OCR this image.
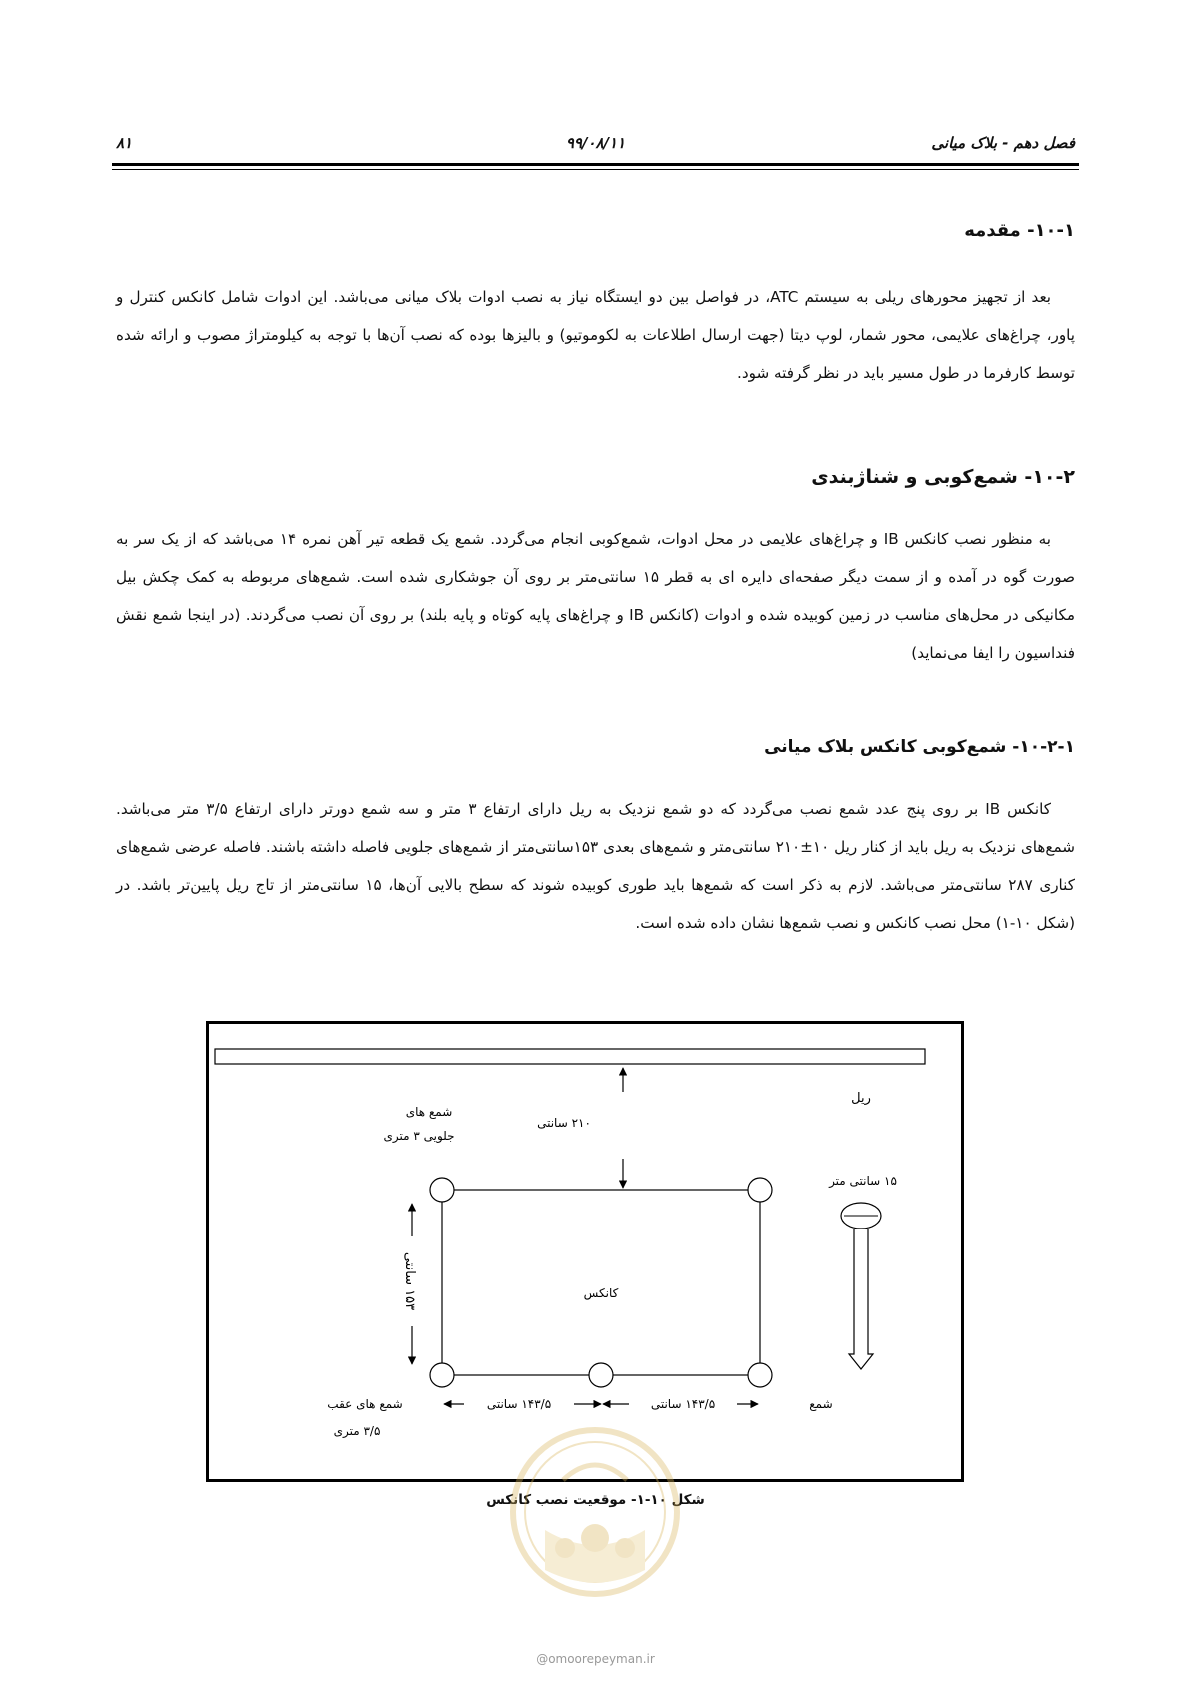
فصل دهم - بلاک میانی
۹۹/۰۸/۱۱
۸۱
۱۰-۱- مقدمه

بعد از تجهیز محورهای ریلی به سیستم ATC، در فواصل بین دو ایستگاه نیاز به نصب ادوات بلاک میانی می‌باشد. این ادوات شامل کانکس کنترل و پاور، چراغ‌های علایمی، محور شمار، لوپ دیتا (جهت ارسال اطلاعات به لکوموتیو) و بالیزها بوده که نصب آن‌ها با توجه به کیلومتراژ مصوب و ارائه شده توسط کارفرما در طول مسیر باید در نظر گرفته شود.

۱۰-۲- شمع‌کوبی و شناژبندی

به منظور نصب کانکس IB و چراغ‌های علایمی در محل ادوات، شمع‌کوبی انجام می‌گردد. شمع یک قطعه تیر آهن نمره ۱۴ می‌باشد که از یک سر به صورت گوه در آمده و از سمت دیگر صفحه‌ای دایره ای به قطر ۱۵ سانتی‌متر بر روی آن جوشکاری شده است. شمع‌های مربوطه به کمک چکش بیل مکانیکی در محل‌های مناسب در زمین کوبیده شده و ادوات (کانکس IB و چراغ‌های پایه کوتاه و پایه بلند) بر روی آن نصب می‌گردند. (در اینجا شمع نقش فنداسیون را ایفا می‌نماید)

۱۰-۲-۱- شمع‌کوبی کانکس بلاک میانی

کانکس IB بر روی پنج عدد شمع نصب می‌گردد که دو شمع نزدیک به ریل دارای ارتفاع ۳ متر و سه شمع دورتر دارای ارتفاع ۳/۵ متر می‌باشد. شمع‌های نزدیک به ریل باید از کنار ریل ۱۰±۲۱۰ سانتی‌متر و شمع‌های بعدی ۱۵۳سانتی‌متر از شمع‌های جلویی فاصله داشته باشند. فاصله عرضی شمع‌های کناری ۲۸۷ سانتی‌متر می‌باشد. لازم به ذکر است که شمع‌ها باید طوری کوبیده شوند که سطح بالایی آن‌ها، ۱۵ سانتی‌متر از تاج ریل پایین‌تر باشد. در (شکل ۱۰-۱) محل نصب کانکس و نصب شمع‌ها نشان داده شده است.

ریل
شمع های
جلویی ۳ متری
۲۱۰ سانتی
۱۵ سانتی متر
۱۵۳ سانتی	کانکس
شمع های عقب
۳/۵ متری
۱۴۳/۵ سانتی	۱۴۳/۵ سانتی	شمع
شکل ۱۰-۱- موقعیت نصب کانکس
@omoorepeyman.ir
